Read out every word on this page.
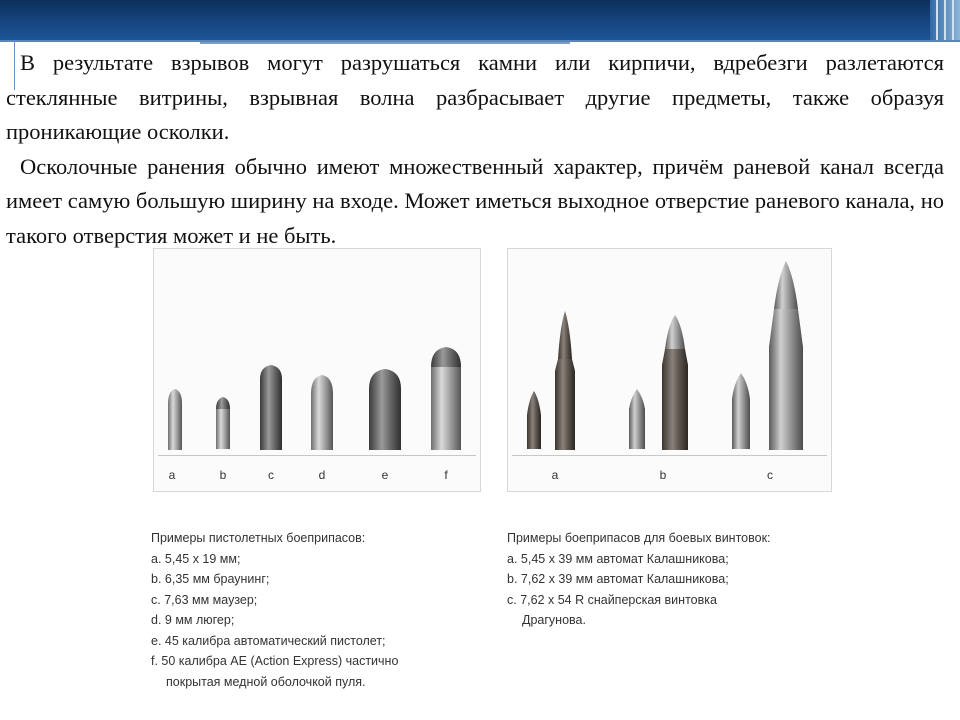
В результате взрывов могут разрушаться камни или кирпичи, вдребезги разлетаются стеклянные витрины, взрывная волна разбрасывает другие предметы, также образуя проникающие осколки.

Осколочные ранения обычно имеют множественный характер, причём раневой канал всегда имеет самую большую ширину на входе. Может иметься выходное отверстие раневого канала, но такого отверстия может и не быть.

a	b	c	d	e	f	a	b	c
Примеры пистолетных боеприпасов:
a. 5,45 х 19 мм;
b. 6,35 мм браунинг;
c. 7,63 мм маузер;
d. 9 мм люгер;
e. 45 калибра автоматический пистолет;
f. 50 калибра AE (Action Express) частично
покрытая медной оболочкой пуля.
Примеры боеприпасов для боевых винтовок:
a. 5,45 х 39 мм автомат Калашникова;
b. 7,62 х 39 мм автомат Калашникова;
c. 7,62 х 54 R снайперская винтовка
Драгунова.
